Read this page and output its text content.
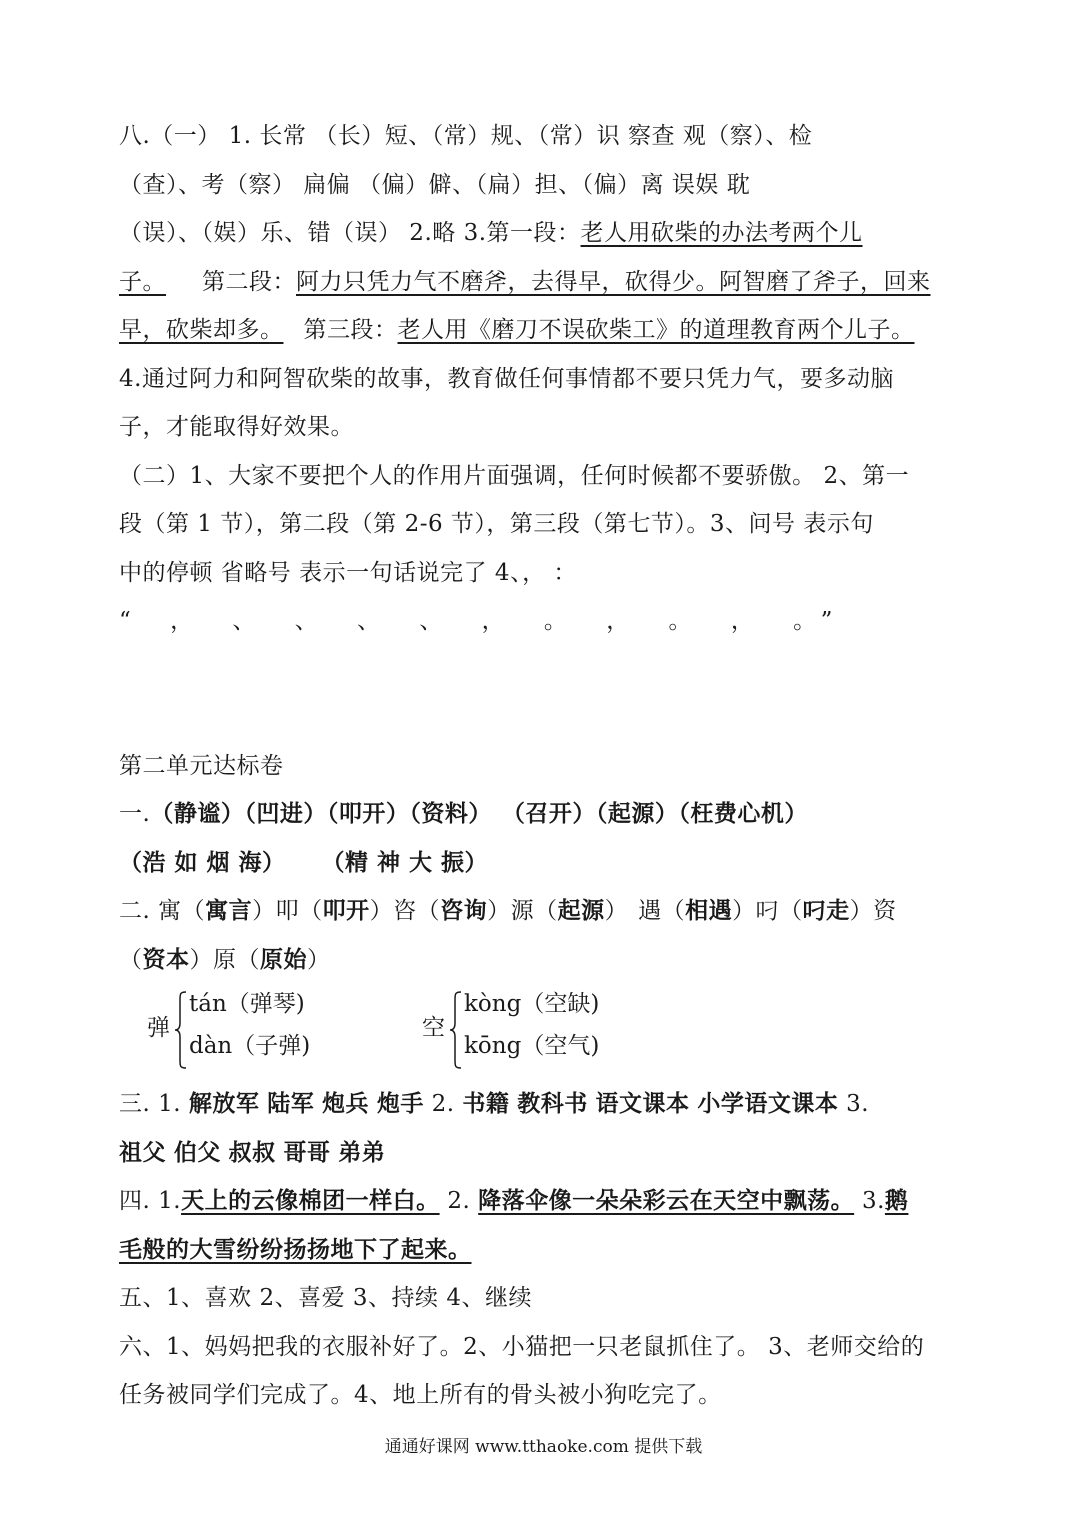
八.（一） 1. 长常 （长）短、（常）规、（常）识 察查 观（察）、检

（查）、考（察） 扁偏 （偏）僻、（扁）担、（偏）离 误娱 耽

（误）、（娱）乐、错（误） 2.略 3.第一段：老人用砍柴的办法考两个儿

子。 第二段：阿力只凭力气不磨斧，去得早，砍得少。阿智磨了斧子，回来

早，砍柴却多。 第三段：老人用《磨刀不误砍柴工》的道理教育两个儿子。

4.通过阿力和阿智砍柴的故事，教育做任何事情都不要只凭力气，要多动脑

子，才能取得好效果。

（二）1、大家不要把个人的作用片面强调，任何时候都不要骄傲。 2、第一

段（第 1 节），第二段（第 2-6 节），第三段（第七节）。3、问号 表示句

中的停顿 省略号 表示一句话说完了 4、， ：

“ ， 、 、 、 、 ， 。 ， 。 ， 。”

第二单元达标卷

一.（静谧）（凹进）（叩开）（资料） （召开）（起源）（枉费心机）

（浩 如 烟 海） （精 神 大 振）

二. 寓（寓言）叩（叩开）咨（咨询）源（起源） 遇（相遇）叼（叼走）资

（资本）原（原始）

弹
tán（弹琴)
dàn（子弹)
空
kòng（空缺)
kōng（空气)

三. 1. 解放军 陆军 炮兵 炮手 2. 书籍 教科书 语文课本 小学语文课本 3.

祖父 伯父 叔叔 哥哥 弟弟

四. 1.天上的云像棉团一样白。 2. 降落伞像一朵朵彩云在天空中飘荡。 3.鹅

毛般的大雪纷纷扬扬地下了起来。

五、1、喜欢 2、喜爱 3、持续 4、继续

六、1、妈妈把我的衣服补好了。2、小猫把一只老鼠抓住了。 3、老师交给的

任务被同学们完成了。4、地上所有的骨头被小狗吃完了。

通通好课网 www.tthaoke.com 提供下载
